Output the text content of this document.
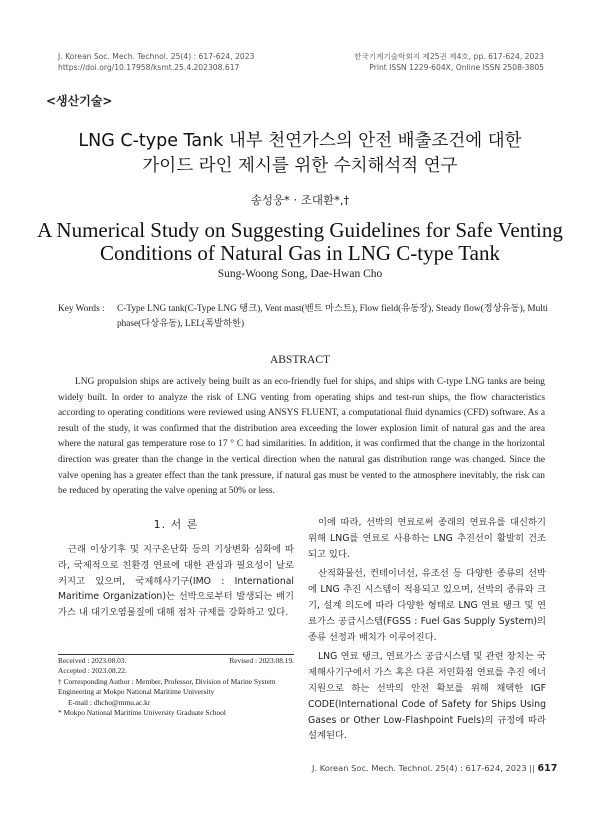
J. Korean Soc. Mech. Technol. 25(4) : 617-624, 2023
https://doi.org/10.17958/ksmt.25.4.202308.617
한국기계기술학회지 제25권 제4호, pp. 617-624, 2023
Print ISSN 1229-604X, Online ISSN 2508-3805
<생산기술>
LNG C-type Tank 내부 천연가스의 안전 배출조건에 대한
가이드 라인 제시를 위한 수치해석적 연구
송성웅* · 조대환*,†
A Numerical Study on Suggesting Guidelines for Safe Venting
Conditions of Natural Gas in LNG C-type Tank
Sung-Woong Song, Dae-Hwan Cho
Key Words : C-Type LNG tank(C-Type LNG 탱크), Vent mast(벤트 마스트), Flow field(유동장), Steady flow(정상유동), Multi phase(다상유동), LEL(폭발하한)
ABSTRACT
LNG propulsion ships are actively being built as an eco-friendly fuel for ships, and ships with C-type LNG tanks are being widely built. In order to analyze the risk of LNG venting from operating ships and test-run ships, the flow characteristics according to operating conditions were reviewed using ANSYS FLUENT, a computational fluid dynamics (CFD) software. As a result of the study, it was confirmed that the distribution area exceeding the lower explosion limit of natural gas and the area where the natural gas temperature rose to 17 ° C had similarities. In addition, it was confirmed that the change in the horizontal direction was greater than the change in the vertical direction when the natural gas distribution range was changed. Since the valve opening has a greater effect than the tank pressure, if natural gas must be vented to the atmosphere inevitably, the risk can be reduced by operating the valve opening at 50% or less.
1. 서 론

근래 이상기후 및 지구온난화 등의 기상변화 심화에 따라, 국제적으로 친환경 연료에 대한 관심과 필요성이 날로 커지고 있으며, 국제해사기구(IMO : International Maritime Organization)는 선박으로부터 발생되는 배기가스 내 대기오염물질에 대해 점차 규제를 강화하고 있다.

이에 따라, 선박의 연료로써 종래의 연료유를 대신하기 위해 LNG를 연료로 사용하는 LNG 추진선이 활발히 건조되고 있다.

산적화물선, 컨테이너선, 유조선 등 다양한 종류의 선박에 LNG 추진 시스템이 적용되고 있으며, 선박의 종류와 크기, 설계 의도에 따라 다양한 형태로 LNG 연료 탱크 및 연료가스 공급시스템(FGSS : Fuel Gas Supply System)의 종류 선정과 배치가 이루어진다.

LNG 연료 탱크, 연료가스 공급시스템 및 관련 장치는 국제해사기구에서 가스 혹은 다른 저인화점 연료를 추진 에너지원으로 하는 선박의 안전 확보를 위해 채택한 IGF CODE(International Code of Safety for Ships Using Gases or Other Low-Flashpoint Fuels)의 규정에 따라 설계된다.

Received : 2023.08.03.	Revised : 2023.08.19.
Accepted : 2023.08.22.
† Corresponding Author : Member, Professor, Division of Marine System Engineering at Mokpo National Maritime University
E-mail : dhcho@mmu.ac.kr
* Mokpo National Maritime University Graduate School
J. Korean Soc. Mech. Technol. 25(4) : 617-624, 2023 || 617
